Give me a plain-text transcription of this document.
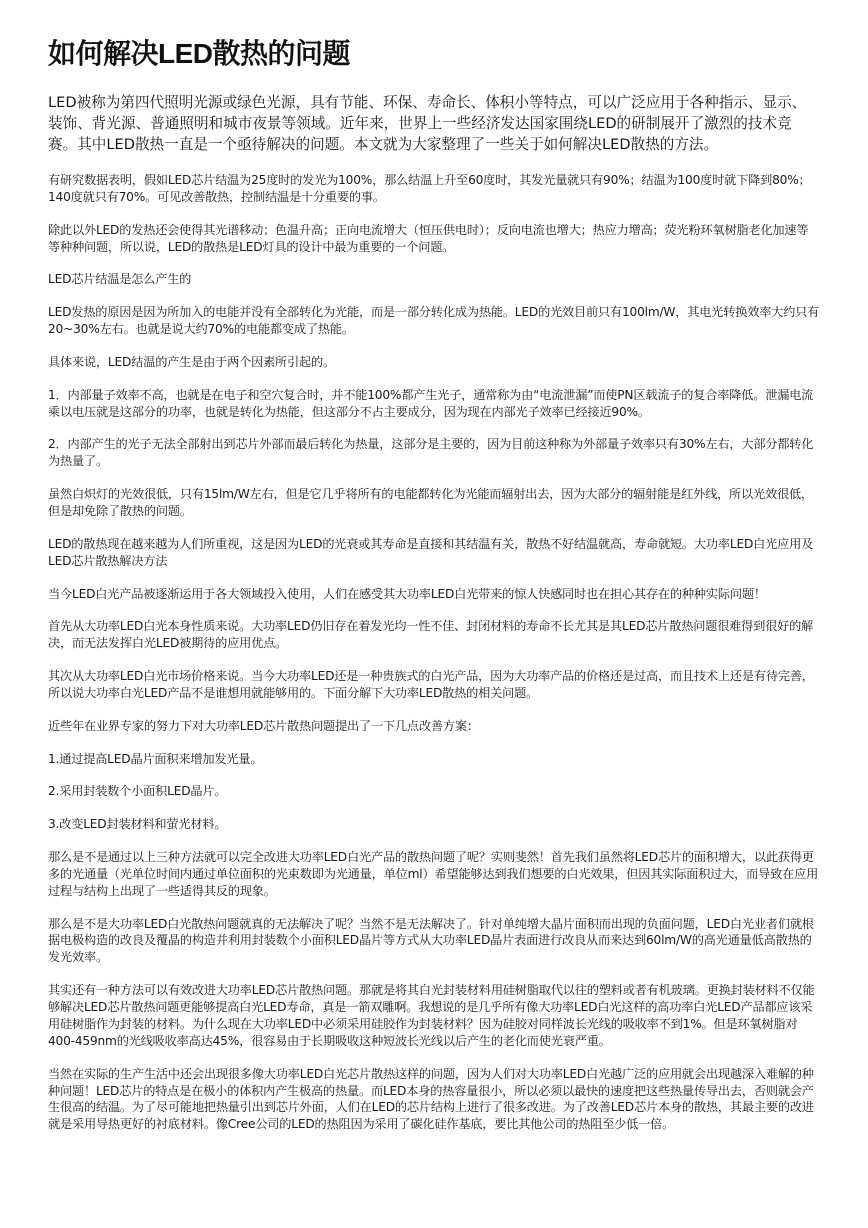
如何解决LED散热的问题

LED被称为第四代照明光源或绿色光源，具有节能、环保、寿命长、体积小等特点，可以广泛应用于各种指示、显示、装饰、背光源、普通照明和城市夜景等领域。近年来，世界上一些经济发达国家围绕LED的研制展开了激烈的技术竞赛。其中LED散热一直是一个亟待解决的问题。本文就为大家整理了一些关于如何解决LED散热的方法。

有研究数据表明，假如LED芯片结温为25度时的发光为100%，那么结温上升至60度时，其发光量就只有90%；结温为100度时就下降到80%；140度就只有70%。可见改善散热，控制结温是十分重要的事。

除此以外LED的发热还会使得其光谱移动；色温升高；正向电流增大（恒压供电时）；反向电流也增大；热应力增高；荧光粉环氧树脂老化加速等等种种问题，所以说，LED的散热是LED灯具的设计中最为重要的一个问题。

LED芯片结温是怎么产生的

LED发热的原因是因为所加入的电能并没有全部转化为光能，而是一部分转化成为热能。LED的光效目前只有100lm/W，其电光转换效率大约只有20~30%左右。也就是说大约70%的电能都变成了热能。

具体来说，LED结温的产生是由于两个因素所引起的。

1．内部量子效率不高，也就是在电子和空穴复合时，并不能100%都产生光子，通常称为由“电流泄漏”而使PN区载流子的复合率降低。泄漏电流乘以电压就是这部分的功率，也就是转化为热能，但这部分不占主要成分，因为现在内部光子效率已经接近90%。

2．内部产生的光子无法全部射出到芯片外部而最后转化为热量，这部分是主要的，因为目前这种称为外部量子效率只有30%左右，大部分都转化为热量了。

虽然白炽灯的光效很低，只有15lm/W左右，但是它几乎将所有的电能都转化为光能而辐射出去，因为大部分的辐射能是红外线，所以光效很低，但是却免除了散热的问题。

LED的散热现在越来越为人们所重视，这是因为LED的光衰或其寿命是直接和其结温有关，散热不好结温就高，寿命就短。大功率LED白光应用及LED芯片散热解决方法

当今LED白光产品被逐渐运用于各大领域投入使用，人们在感受其大功率LED白光带来的惊人快感同时也在担心其存在的种种实际问题！

首先从大功率LED白光本身性质来说。大功率LED仍旧存在着发光均一性不佳、封闭材料的寿命不长尤其是其LED芯片散热问题很难得到很好的解决，而无法发挥白光LED被期待的应用优点。

其次从大功率LED白光市场价格来说。当今大功率LED还是一种贵族式的白光产品，因为大功率产品的价格还是过高，而且技术上还是有待完善，所以说大功率白光LED产品不是谁想用就能够用的。下面分解下大功率LED散热的相关问题。

近些年在业界专家的努力下对大功率LED芯片散热问题提出了一下几点改善方案：

1.通过提高LED晶片面积来增加发光量。

2.采用封装数个小面积LED晶片。

3.改变LED封装材料和萤光材料。

那么是不是通过以上三种方法就可以完全改进大功率LED白光产品的散热问题了呢？实则斐然！首先我们虽然将LED芯片的面积增大，以此获得更多的光通量（光单位时间内通过单位面积的光束数即为光通量，单位ml）希望能够达到我们想要的白光效果，但因其实际面积过大，而导致在应用过程与结构上出现了一些适得其反的现象。

那么是不是大功率LED白光散热问题就真的无法解决了呢？当然不是无法解决了。针对单纯增大晶片面积而出现的负面问题，LED白光业者们就根据电极构造的改良及覆晶的构造并利用封装数个小面积LED晶片等方式从大功率LED晶片表面进行改良从而来达到60lm/W的高光通量低高散热的发光效率。

其实还有一种方法可以有效改进大功率LED芯片散热问题。那就是将其白光封装材料用硅树脂取代以往的塑料或者有机玻璃。更换封装材料不仅能够解决LED芯片散热问题更能够提高白光LED寿命，真是一箭双雕啊。我想说的是几乎所有像大功率LED白光这样的高功率白光LED产品都应该采用硅树脂作为封装的材料。为什么现在大功率LED中必须采用硅胶作为封装材料？因为硅胶对同样波长光线的吸收率不到1%。但是环氧树脂对400-459nm的光线吸收率高达45%，很容易由于长期吸收这种短波长光线以后产生的老化而使光衰严重。

当然在实际的生产生活中还会出现很多像大功率LED白光芯片散热这样的问题，因为人们对大功率LED白光越广泛的应用就会出现越深入难解的种种问题！LED芯片的特点是在极小的体积内产生极高的热量。而LED本身的热容量很小，所以必须以最快的速度把这些热量传导出去，否则就会产生很高的结温。为了尽可能地把热量引出到芯片外面，人们在LED的芯片结构上进行了很多改进。为了改善LED芯片本身的散热，其最主要的改进就是采用导热更好的衬底材料。像Cree公司的LED的热阻因为采用了碳化硅作基底，要比其他公司的热阻至少低一倍。
